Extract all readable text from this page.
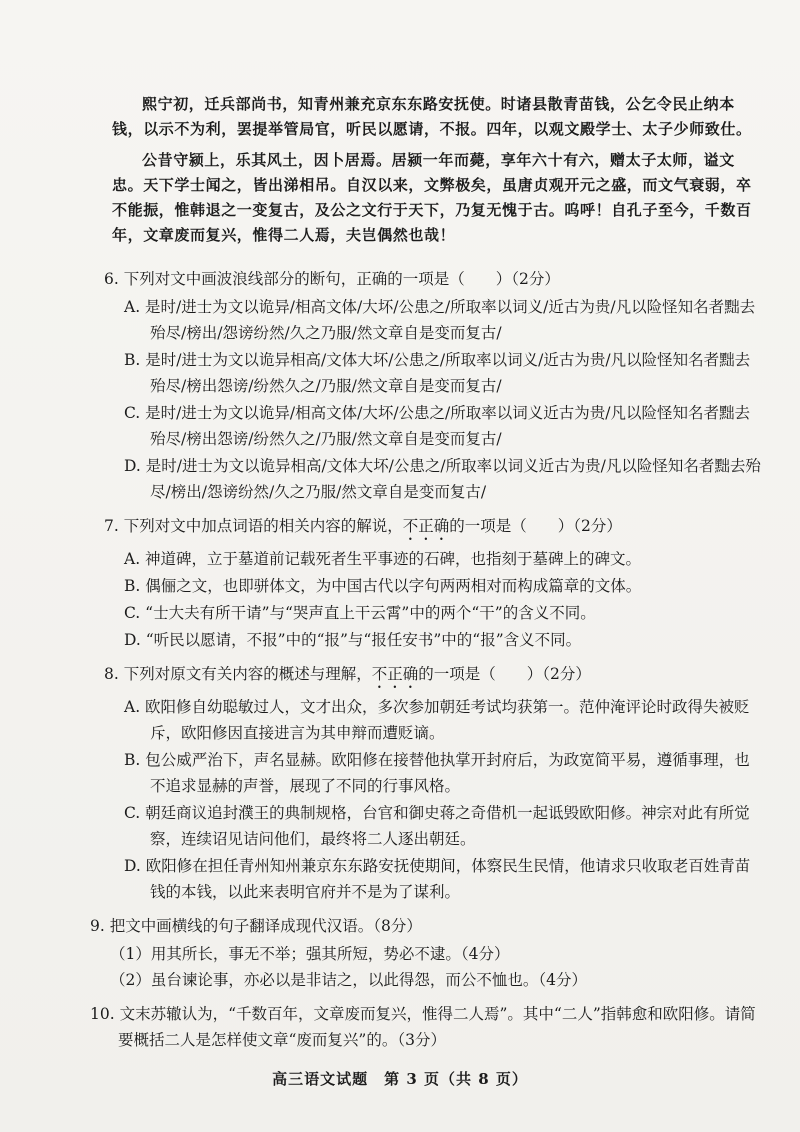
熙宁初，迁兵部尚书，知青州兼充京东东路安抚使。时诸县散青苗钱，公乞令民止纳本钱，以示不为利，罢提举管局官，听民以愿请，不报。四年，以观文殿学士、太子少师致仕。

公昔守颍上，乐其风土，因卜居焉。居颍一年而薨，享年六十有六，赠太子太师，谥文忠。天下学士闻之，皆出涕相吊。自汉以来，文弊极矣，虽唐贞观开元之盛，而文气衰弱，卒不能振，惟韩退之一变复古，及公之文行于天下，乃复无愧于古。呜呼！自孔子至今，千数百年，文章废而复兴，惟得二人焉，夫岂偶然也哉！

6. 下列对文中画波浪线部分的断句，正确的一项是（　　）（2分）

A. 是时/进士为文以诡异/相高文体/大坏/公患之/所取率以词义/近古为贵/凡以险怪知名者黜去殆尽/榜出/怨谤纷然/久之乃服/然文章自是变而复古/

B. 是时/进士为文以诡异相高/文体大坏/公患之/所取率以词义/近古为贵/凡以险怪知名者黜去殆尽/榜出怨谤/纷然久之/乃服/然文章自是变而复古/

C. 是时/进士为文以诡异/相高文体/大坏/公患之/所取率以词义近古为贵/凡以险怪知名者黜去殆尽/榜出怨谤/纷然久之/乃服/然文章自是变而复古/

D. 是时/进士为文以诡异相高/文体大坏/公患之/所取率以词义近古为贵/凡以险怪知名者黜去殆尽/榜出/怨谤纷然/久之乃服/然文章自是变而复古/

7. 下列对文中加点词语的相关内容的解说，不正确的一项是（　　）（2分）

A. 神道碑，立于墓道前记载死者生平事迹的石碑，也指刻于墓碑上的碑文。

B. 偶俪之文，也即骈体文，为中国古代以字句两两相对而构成篇章的文体。

C. “士大夫有所干请”与“哭声直上干云霄”中的两个“干”的含义不同。

D. “听民以愿请，不报”中的“报”与“报任安书”中的“报”含义不同。

8. 下列对原文有关内容的概述与理解，不正确的一项是（　　）（2分）

A. 欧阳修自幼聪敏过人，文才出众，多次参加朝廷考试均获第一。范仲淹评论时政得失被贬斥，欧阳修因直接进言为其申辩而遭贬谪。

B. 包公威严治下，声名显赫。欧阳修在接替他执掌开封府后，为政宽简平易，遵循事理，也不追求显赫的声誉，展现了不同的行事风格。

C. 朝廷商议追封濮王的典制规格，台官和御史蒋之奇借机一起诋毁欧阳修。神宗对此有所觉察，连续诏见诘问他们，最终将二人逐出朝廷。

D. 欧阳修在担任青州知州兼京东东路安抚使期间，体察民生民情，他请求只收取老百姓青苗钱的本钱，以此来表明官府并不是为了谋利。

9. 把文中画横线的句子翻译成现代汉语。（8分）

（1）用其所长，事无不举；强其所短，势必不逮。（4分）

（2）虽台谏论事，亦必以是非诘之，以此得怨，而公不恤也。（4分）

10. 文末苏辙认为，“千数百年，文章废而复兴，惟得二人焉”。其中“二人”指韩愈和欧阳修。请简要概括二人是怎样使文章“废而复兴”的。（3分）

高三语文试题　第 3 页（共 8 页）
